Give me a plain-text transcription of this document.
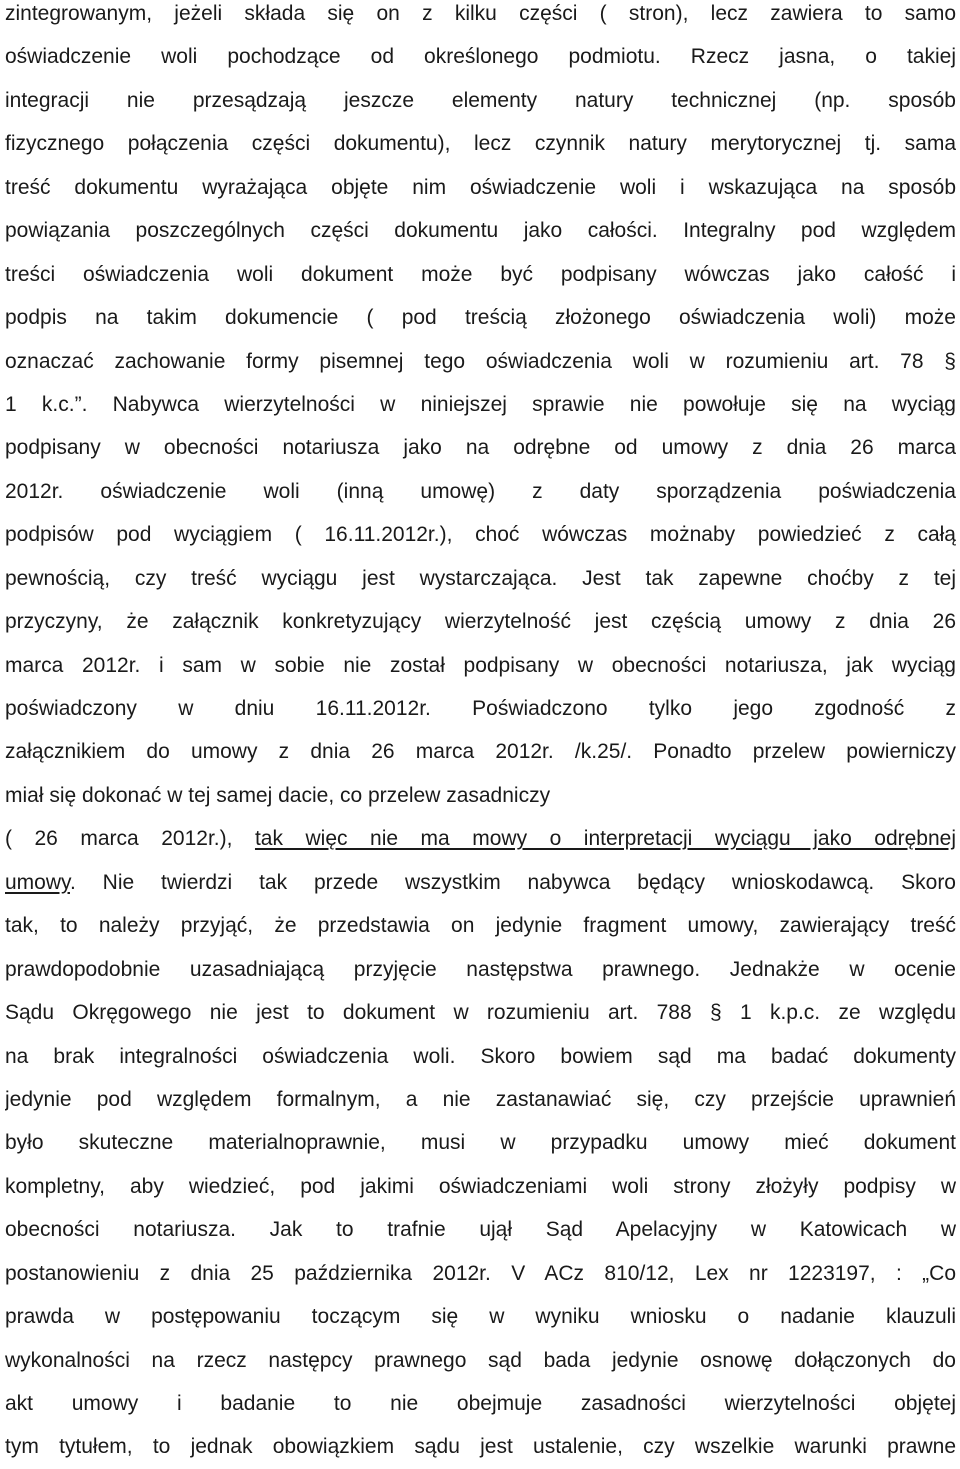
zintegrowanym, jeżeli składa się on z kilku części ( stron), lecz zawiera to samo
oświadczenie woli pochodzące od określonego podmiotu. Rzecz jasna, o takiej
integracji nie przesądzają jeszcze elementy natury technicznej (np. sposób
fizycznego połączenia części dokumentu), lecz czynnik natury merytorycznej tj. sama
treść dokumentu wyrażająca objęte nim oświadczenie woli i wskazująca na sposób
powiązania poszczególnych części dokumentu jako całości. Integralny pod względem
treści oświadczenia woli dokument może być podpisany wówczas jako całość i
podpis na takim dokumencie ( pod treścią złożonego oświadczenia woli) może
oznaczać zachowanie formy pisemnej tego oświadczenia woli w rozumieniu art. 78 §
1 k.c.”. Nabywca wierzytelności w niniejszej sprawie nie powołuje się na wyciąg
podpisany w obecności notariusza jako na odrębne od umowy z dnia 26 marca
2012r. oświadczenie woli (inną umowę) z daty sporządzenia poświadczenia
podpisów pod wyciągiem ( 16.11.2012r.), choć wówczas możnaby powiedzieć z całą
pewnością, czy treść wyciągu jest wystarczająca. Jest tak zapewne choćby z tej
przyczyny, że załącznik konkretyzujący wierzytelność jest częścią umowy z dnia 26
marca 2012r. i sam w sobie nie został podpisany w obecności notariusza, jak wyciąg
poświadczony w dniu 16.11.2012r. Poświadczono tylko jego zgodność z
załącznikiem do umowy z dnia 26 marca 2012r. /k.25/. Ponadto przelew powierniczy
miał się dokonać w tej samej dacie, co przelew zasadniczy
( 26 marca 2012r.), tak więc nie ma mowy o interpretacji wyciągu jako odrębnej
umowy. Nie twierdzi tak przede wszystkim nabywca będący wnioskodawcą. Skoro
tak, to należy przyjąć, że przedstawia on jedynie fragment umowy, zawierający treść
prawdopodobnie uzasadniającą przyjęcie następstwa prawnego. Jednakże w ocenie
Sądu Okręgowego nie jest to dokument w rozumieniu art. 788 § 1 k.p.c. ze względu
na brak integralności oświadczenia woli. Skoro bowiem sąd ma badać dokumenty
jedynie pod względem formalnym, a nie zastanawiać się, czy przejście uprawnień
było skuteczne materialnoprawnie, musi w przypadku umowy mieć dokument
kompletny, aby wiedzieć, pod jakimi oświadczeniami woli strony złożyły podpisy w
obecności notariusza. Jak to trafnie ujął Sąd Apelacyjny w Katowicach w
postanowieniu z dnia 25 października 2012r. V ACz 810/12, Lex nr 1223197, : „Co
prawda w postępowaniu toczącym się w wyniku wniosku o nadanie klauzuli
wykonalności na rzecz następcy prawnego sąd bada jedynie osnowę dołączonych do
akt umowy i badanie to nie obejmuje zasadności wierzytelności objętej
tym tytułem, to jednak obowiązkiem sądu jest ustalenie, czy wszelkie warunki prawne
